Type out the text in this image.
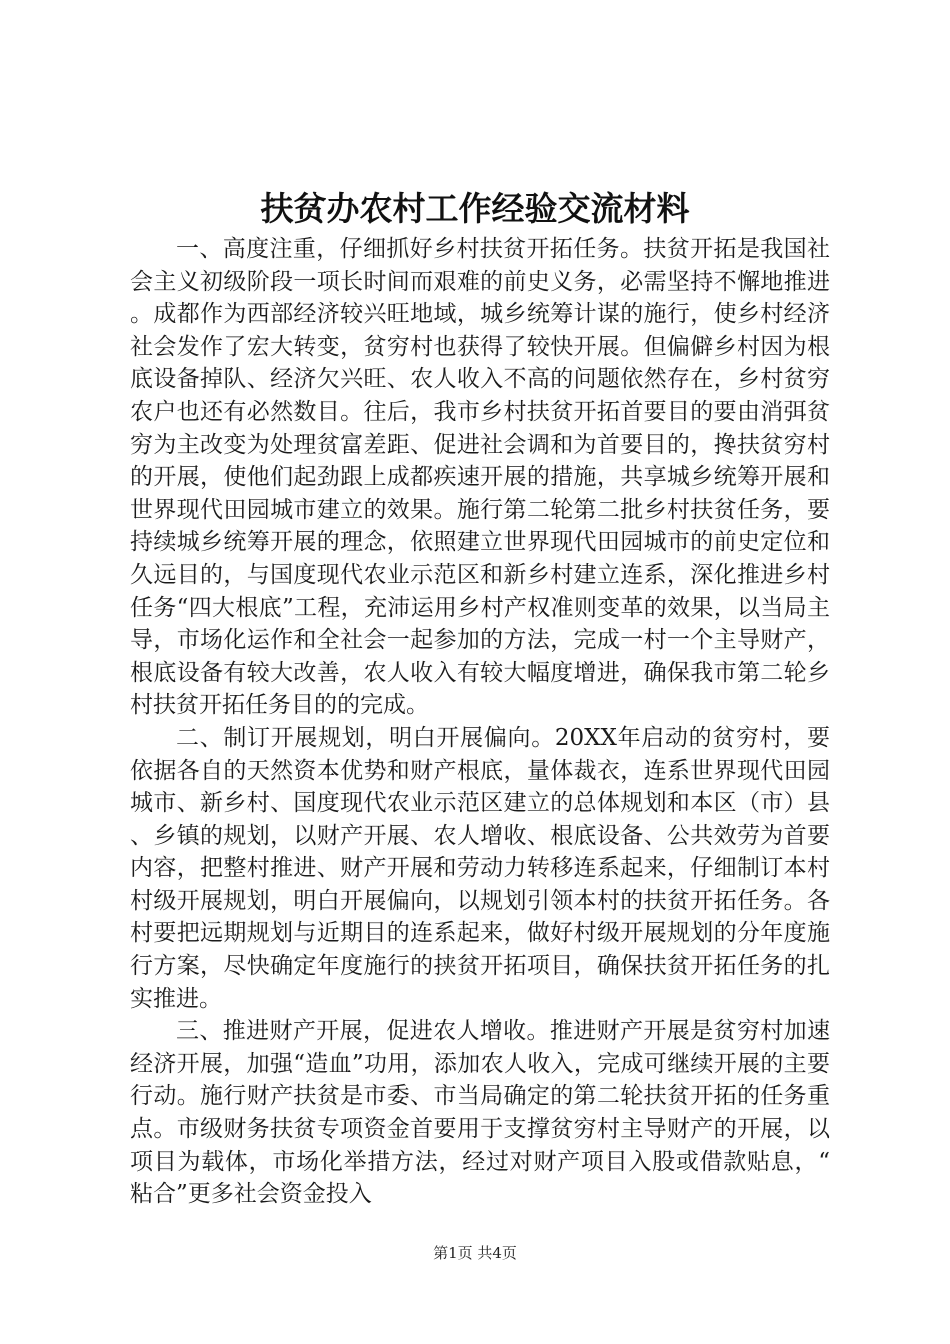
扶贫办农村工作经验交流材料

一、高度注重，仔细抓好乡村扶贫开拓任务。扶贫开拓是我国社会主义初级阶段一项长时间而艰难的前史义务，必需坚持不懈地推进。成都作为西部经济较兴旺地域，城乡统筹计谋的施行，使乡村经济社会发作了宏大转变，贫穷村也获得了较快开展。但偏僻乡村因为根底设备掉队、经济欠兴旺、农人收入不高的问题依然存在，乡村贫穷农户也还有必然数目。往后，我市乡村扶贫开拓首要目的要由消弭贫穷为主改变为处理贫富差距、促进社会调和为首要目的，搀扶贫穷村的开展，使他们起劲跟上成都疾速开展的措施，共享城乡统筹开展和世界现代田园城市建立的效果。施行第二轮第二批乡村扶贫任务，要持续城乡统筹开展的理念，依照建立世界现代田园城市的前史定位和久远目的，与国度现代农业示范区和新乡村建立连系，深化推进乡村任务“四大根底”工程，充沛运用乡村产权准则变革的效果，以当局主导，市场化运作和全社会一起参加的方法，完成一村一个主导财产，根底设备有较大改善，农人收入有较大幅度增进，确保我市第二轮乡村扶贫开拓任务目的的完成。

二、制订开展规划，明白开展偏向。20XX年启动的贫穷村，要依据各自的天然资本优势和财产根底，量体裁衣，连系世界现代田园城市、新乡村、国度现代农业示范区建立的总体规划和本区（市）县、乡镇的规划，以财产开展、农人增收、根底设备、公共效劳为首要内容，把整村推进、财产开展和劳动力转移连系起来，仔细制订本村村级开展规划，明白开展偏向，以规划引领本村的扶贫开拓任务。各村要把远期规划与近期目的连系起来，做好村级开展规划的分年度施行方案，尽快确定年度施行的挟贫开拓项目，确保扶贫开拓任务的扎实推进。

三、推进财产开展，促进农人增收。推进财产开展是贫穷村加速经济开展，加强“造血”功用，添加农人收入，完成可继续开展的主要行动。施行财产扶贫是市委、市当局确定的第二轮扶贫开拓的任务重点。市级财务扶贫专项资金首要用于支撑贫穷村主导财产的开展，以项目为载体，市场化举措方法，经过对财产项目入股或借款贴息，“粘合”更多社会资金投入

第1页 共4页
